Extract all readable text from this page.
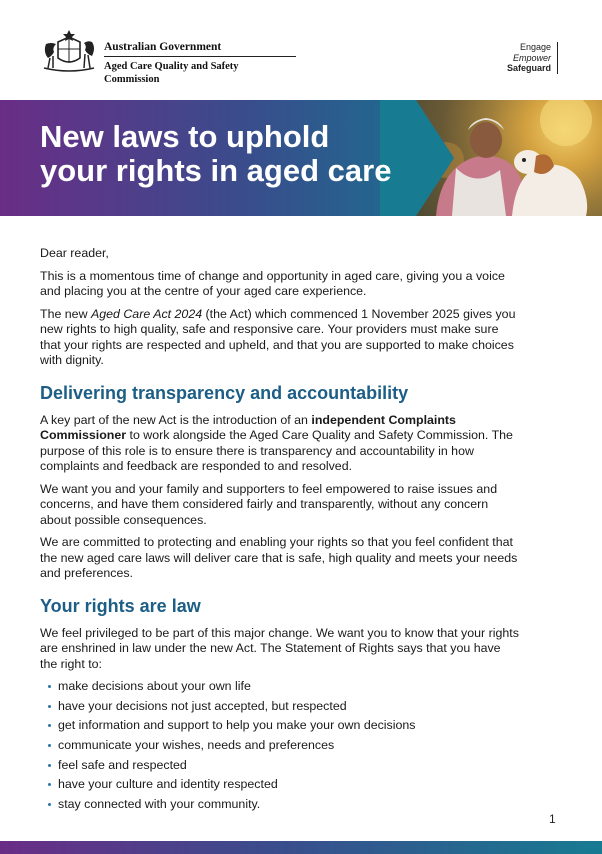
Australian Government
Aged Care Quality and Safety Commission
Engage
Empower
Safeguard
New laws to uphold
your rights in aged care

Dear reader,

This is a momentous time of change and opportunity in aged care, giving you a voice and placing you at the centre of your aged care experience.

The new Aged Care Act 2024 (the Act) which commenced 1 November 2025 gives you new rights to high quality, safe and responsive care. Your providers must make sure that your rights are respected and upheld, and that you are supported to make choices with dignity.

Delivering transparency and accountability

A key part of the new Act is the introduction of an independent Complaints Commissioner to work alongside the Aged Care Quality and Safety Commission. The purpose of this role is to ensure there is transparency and accountability in how complaints and feedback are responded to and resolved.

We want you and your family and supporters to feel empowered to raise issues and concerns, and have them considered fairly and transparently, without any concern about possible consequences.

We are committed to protecting and enabling your rights so that you feel confident that the new aged care laws will deliver care that is safe, high quality and meets your needs and preferences.

Your rights are law

We feel privileged to be part of this major change. We want you to know that your rights are enshrined in law under the new Act. The Statement of Rights says that you have the right to:

make decisions about your own life
have your decisions not just accepted, but respected
get information and support to help you make your own decisions
communicate your wishes, needs and preferences
feel safe and respected
have your culture and identity respected
stay connected with your community.
1
